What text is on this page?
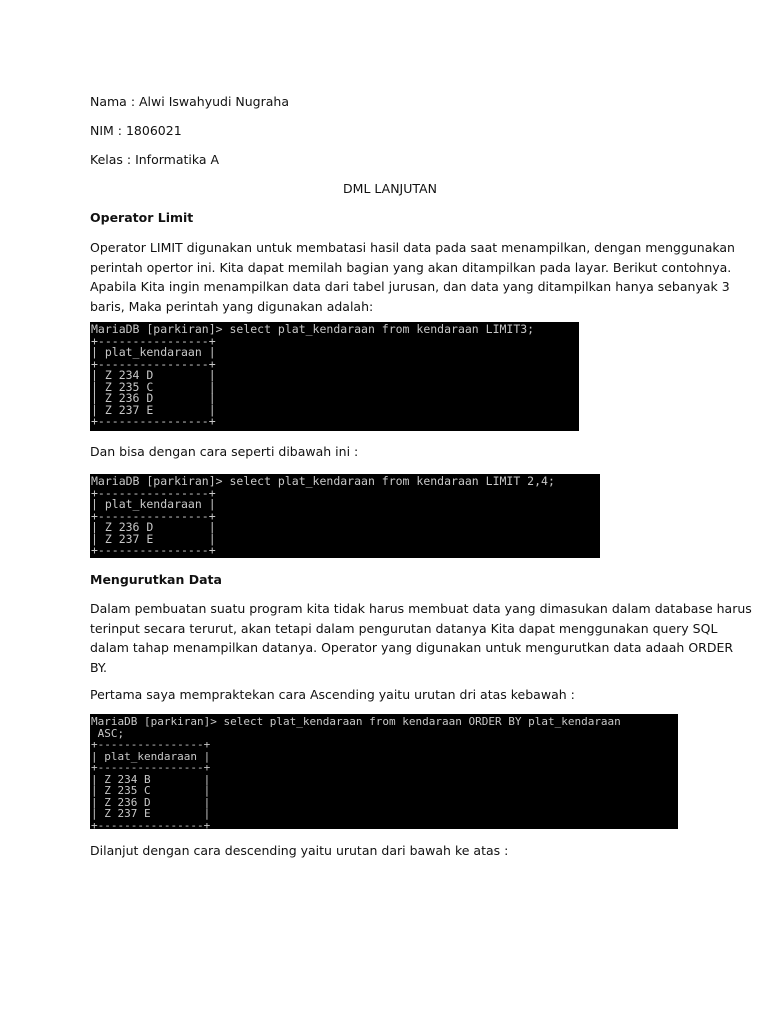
Nama : Alwi Iswahyudi Nugraha
NIM : 1806021
Kelas : Informatika A
DML LANJUTAN
Operator Limit
Operator LIMIT digunakan untuk membatasi hasil data pada saat menampilkan, dengan menggunakan
perintah opertor ini. Kita dapat memilah bagian yang akan ditampilkan pada layar. Berikut contohnya.
Apabila Kita ingin menampilkan data dari tabel jurusan, dan data yang ditampilkan hanya sebanyak 3
baris, Maka perintah yang digunakan adalah:
MariaDB [parkiran]> select plat_kendaraan from kendaraan LIMIT3;
+----------------+
| plat_kendaraan |
+----------------+
| Z 234 D        |
| Z 235 C        |
| Z 236 D        |
| Z 237 E        |
+----------------+
Dan bisa dengan cara seperti dibawah ini :
MariaDB [parkiran]> select plat_kendaraan from kendaraan LIMIT 2,4;
+----------------+
| plat_kendaraan |
+----------------+
| Z 236 D        |
| Z 237 E        |
+----------------+
Mengurutkan Data
Dalam pembuatan suatu program kita tidak harus membuat data yang dimasukan dalam database harus
terinput secara terurut, akan tetapi dalam pengurutan datanya Kita dapat menggunakan query SQL
dalam tahap menampilkan datanya. Operator yang digunakan untuk mengurutkan data adaah ORDER
BY.
Pertama saya mempraktekan cara Ascending yaitu urutan dri atas kebawah :
MariaDB [parkiran]> select plat_kendaraan from kendaraan ORDER BY plat_kendaraan
ASC;
+----------------+
| plat_kendaraan |
+----------------+
| Z 234 B        |
| Z 235 C        |
| Z 236 D        |
| Z 237 E        |
+----------------+
Dilanjut dengan cara descending yaitu urutan dari bawah ke atas :
